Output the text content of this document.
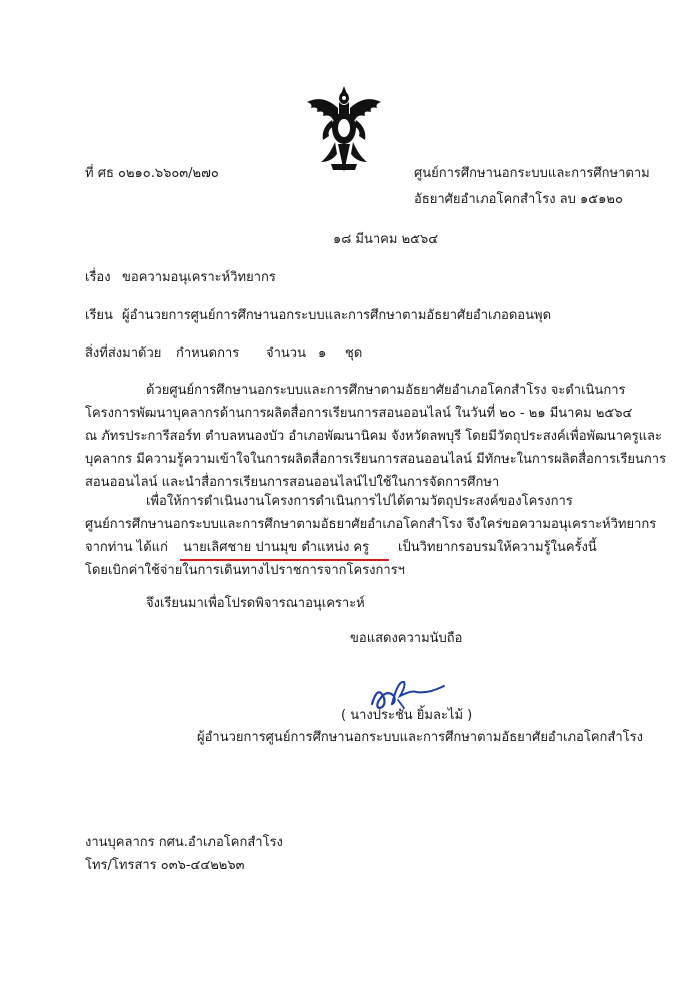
ที่ ศธ ๐๒๑๐.๖๖๐๓/๒๗๐	ศูนย์การศึกษานอกระบบและการศึกษาตาม
อัธยาศัยอำเภอโคกสำโรง ลบ ๑๕๑๒๐
๑๘ มีนาคม ๒๕๖๔
เรื่อง ขอความอนุเคราะห์วิทยากร
เรียน ผู้อำนวยการศูนย์การศึกษานอกระบบและการศึกษาตามอัธยาศัยอำเภอดอนพุด
สิ่งที่ส่งมาด้วย กำหนดการ จำนวน ๑ ชุด
ด้วยศูนย์การศึกษานอกระบบและการศึกษาตามอัธยาศัยอำเภอโคกสำโรง จะดำเนินการ
โครงการพัฒนาบุคลากรด้านการผลิตสื่อการเรียนการสอนออนไลน์ ในวันที่ ๒๐ - ๒๑ มีนาคม ๒๕๖๔
ณ ภัทรประการีสอร์ท ตำบลหนองบัว อำเภอพัฒนานิคม จังหวัดลพบุรี โดยมีวัตถุประสงค์เพื่อพัฒนาครูและ
บุคลากร มีความรู้ความเข้าใจในการผลิตสื่อการเรียนการสอนออนไลน์ มีทักษะในการผลิตสื่อการเรียนการ
สอนออนไลน์ และนำสื่อการเรียนการสอนออนไลน์ไปใช้ในการจัดการศึกษา
เพื่อให้การดำเนินงานโครงการดำเนินการไปได้ตามวัตถุประสงค์ของโครงการ
ศูนย์การศึกษานอกระบบและการศึกษาตามอัธยาศัยอำเภอโคกสำโรง จึงใคร่ขอความอนุเคราะห์วิทยากร
จากท่าน ได้แก่ นายเลิศชาย ปานมุข ตำแหน่ง ครู เป็นวิทยากรอบรมให้ความรู้ในครั้งนี้
โดยเบิกค่าใช้จ่ายในการเดินทางไปราชการจากโครงการฯ
จึงเรียนมาเพื่อโปรดพิจารณาอนุเคราะห์
ขอแสดงความนับถือ
( นางประชัน ยิ้มละไม้ )
ผู้อำนวยการศูนย์การศึกษานอกระบบและการศึกษาตามอัธยาศัยอำเภอโคกสำโรง
งานบุคลากร กศน.อำเภอโคกสำโรง
โทร/โทรสาร ๐๓๖-๔๔๒๒๖๓
